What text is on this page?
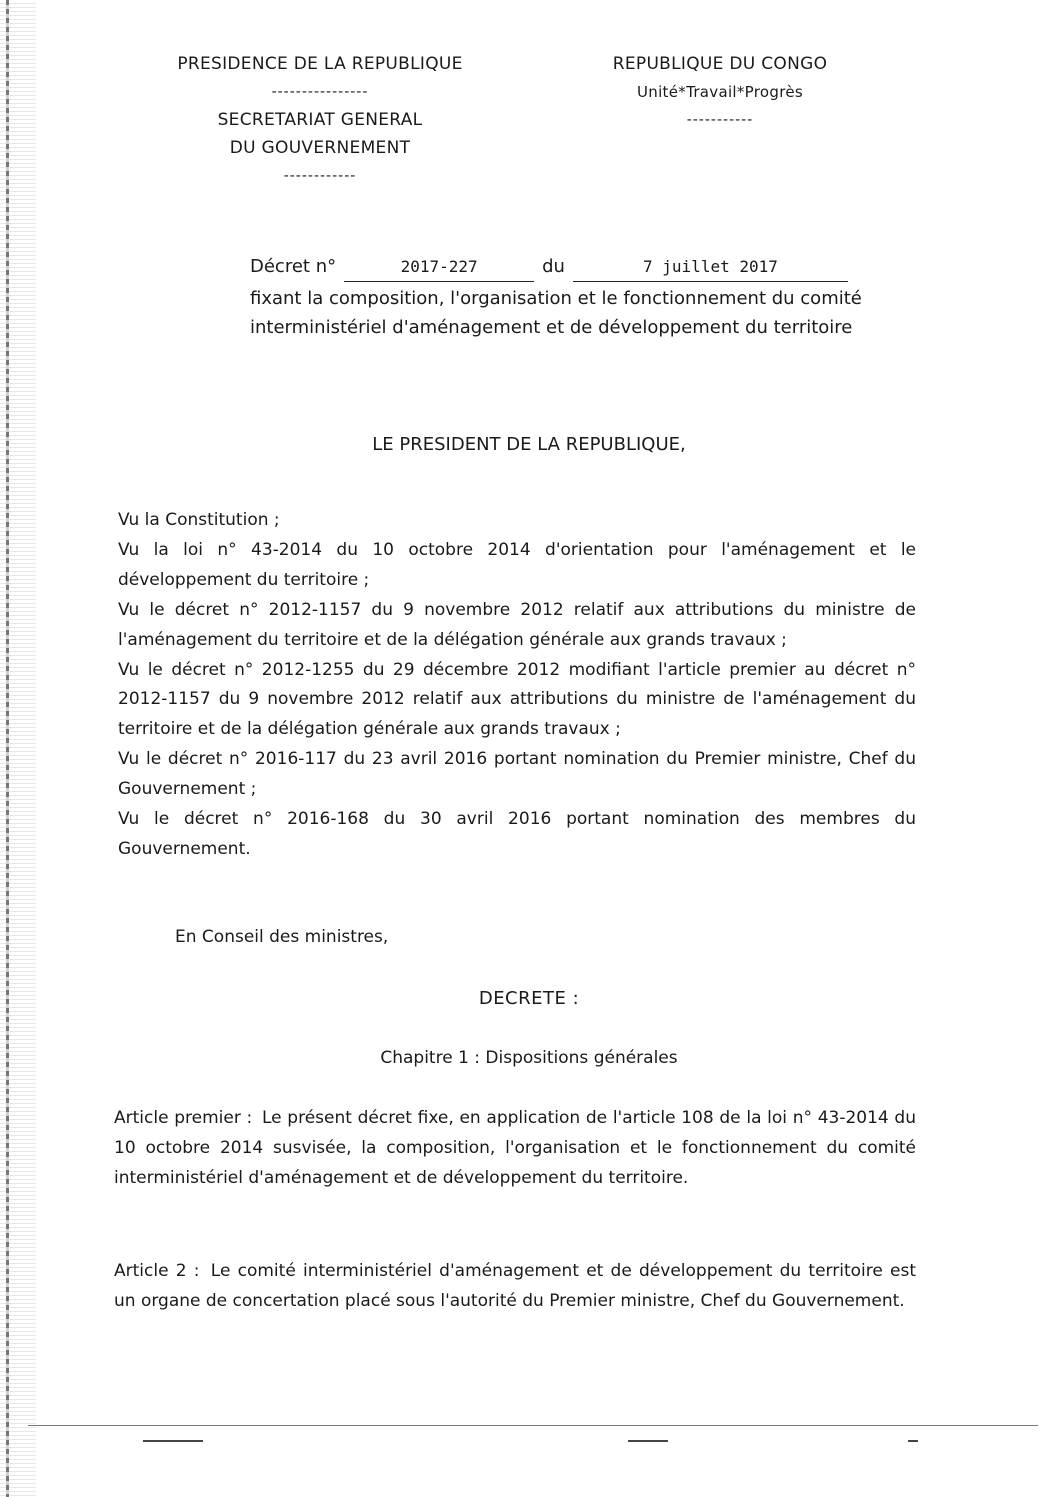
PRESIDENCE DE LA REPUBLIQUE
----------------
SECRETARIAT GENERAL
DU GOUVERNEMENT
------------
REPUBLIQUE DU CONGO
Unité*Travail*Progrès
-----------
Décret n°	2017-227	du	7 juillet 2017
fixant la composition, l'organisation et le fonctionnement du comité interministériel d'aménagement et de développement du territoire
LE PRESIDENT DE LA REPUBLIQUE,

Vu la Constitution ;

Vu la loi n° 43-2014 du 10 octobre 2014 d'orientation pour l'aménagement et le développement du territoire ;

Vu le décret n° 2012-1157 du 9 novembre 2012 relatif aux attributions du ministre de l'aménagement du territoire et de la délégation générale aux grands travaux ;

Vu le décret n° 2012-1255 du 29 décembre 2012 modifiant l'article premier au décret n° 2012-1157 du 9 novembre 2012 relatif aux attributions du ministre de l'aménagement du territoire et de la délégation générale aux grands travaux ;

Vu le décret n° 2016-117 du 23 avril 2016 portant nomination du Premier ministre, Chef du Gouvernement ;

Vu le décret n° 2016-168 du 30 avril 2016 portant nomination des membres du Gouvernement.

En Conseil des ministres,
DECRETE :
Chapitre 1 : Dispositions générales
Article premier : Le présent décret fixe, en application de l'article 108 de la loi n° 43-2014 du 10 octobre 2014 susvisée, la composition, l'organisation et le fonctionnement du comité interministériel d'aménagement et de développement du territoire.
Article 2 : Le comité interministériel d'aménagement et de développement du territoire est un organe de concertation placé sous l'autorité du Premier ministre, Chef du Gouvernement.
